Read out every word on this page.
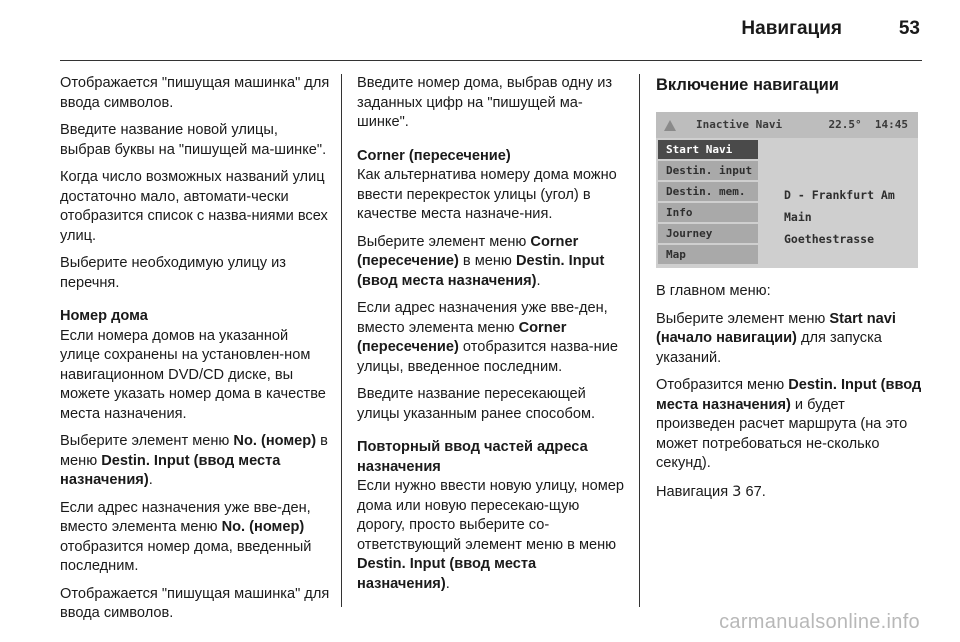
Навигация	53

Отображается "пишущая машинка" для ввода символов.

Введите название новой улицы, выбрав буквы на "пишущей ма-шинке".

Когда число возможных названий улиц достаточно мало, автомати-чески отобразится список с назва-ниями всех улиц.

Выберите необходимую улицу из перечня.

Номер дома

Если номера домов на указанной улице сохранены на установлен-ном навигационном DVD/CD диске, вы можете указать номер дома в качестве места назначения.

Выберите элемент меню No. (номер) в меню Destin. Input (ввод места назначения).

Если адрес назначения уже вве-ден, вместо элемента меню No. (номер) отобразится номер дома, введенный последним.

Отображается "пишущая машинка" для ввода символов.

Введите номер дома, выбрав одну из заданных цифр на "пишущей ма-шинке".

Corner (пересечение)

Как альтернатива номеру дома можно ввести перекресток улицы (угол) в качестве места назначе-ния.

Выберите элемент меню Corner (пересечение) в меню Destin. Input (ввод места назначения).

Если адрес назначения уже вве-ден, вместо элемента меню Corner (пересечение) отобразится назва-ние улицы, введенное последним.

Введите название пересекающей улицы указанным ранее способом.

Повторный ввод частей адреса назначения

Если нужно ввести новую улицу, номер дома или новую пересекаю-щую дорогу, просто выберите со-ответствующий элемент меню в меню Destin. Input (ввод места назначения).

Включение навигации
Inactive Navi	22.5° 14:45
Start Navi
Destin. input
Destin. mem.
Info
Journey
Map
D - Frankfurt Am Main
Goethestrasse

В главном меню:

Выберите элемент меню Start navi (начало навигации) для запуска указаний.

Отобразится меню Destin. Input (ввод места назначения) и будет произведен расчет маршрута (на это может потребоваться не-сколько секунд).

Навигация 3 67.

carmanualsonline.info
